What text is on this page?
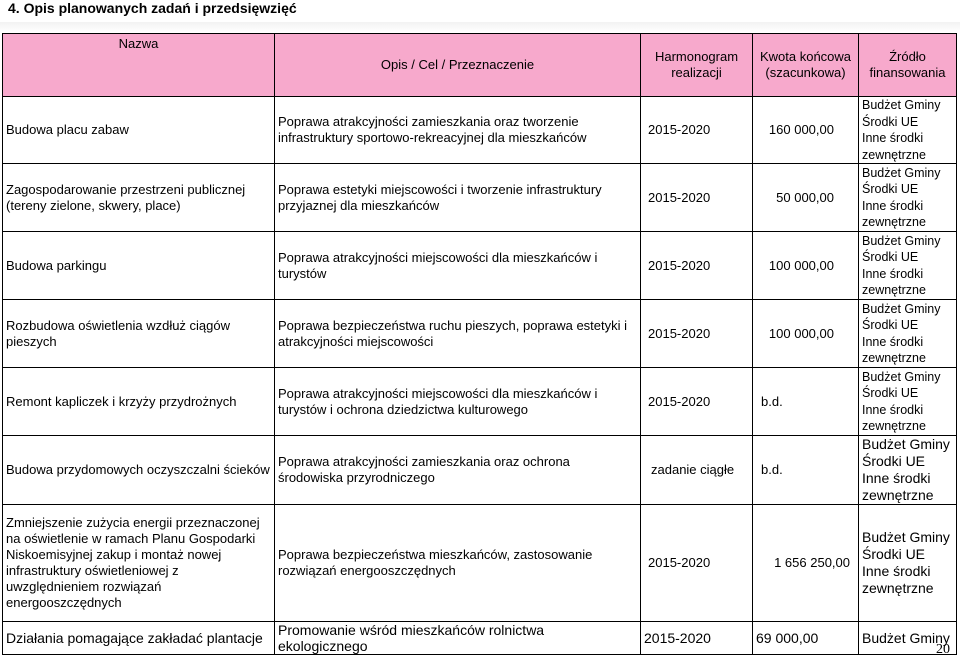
4. Opis planowanych zadań i przedsięwzięć
Nazwa	Opis / Cel / Przeznaczenie	Harmonogram realizacji	Kwota końcowa (szacunkowa)	Źródło finansowania
Budowa placu zabaw	Poprawa atrakcyjności zamieszkania oraz tworzenie infrastruktury sportowo-rekreacyjnej dla mieszkańców	2015-2020	160 000,00	Budżet Gminy
Środki UE
Inne środki
zewnętrzne

Zagospodarowanie przestrzeni publicznej (tereny zielone, skwery, place)	Poprawa estetyki miejscowości i tworzenie infrastruktury przyjaznej dla mieszkańców	2015-2020	50 000,00	Budżet Gminy
Środki UE
Inne środki
zewnętrzne

Budowa parkingu	Poprawa atrakcyjności miejscowości dla mieszkańców i turystów	2015-2020	100 000,00	Budżet Gminy
Środki UE
Inne środki
zewnętrzne

Rozbudowa oświetlenia wzdłuż ciągów pieszych	Poprawa bezpieczeństwa ruchu pieszych, poprawa estetyki i atrakcyjności miejscowości	2015-2020	100 000,00	Budżet Gminy
Środki UE
Inne środki
zewnętrzne

Remont kapliczek i krzyży przydrożnych	Poprawa atrakcyjności miejscowości dla mieszkańców i turystów i ochrona dziedzictwa kulturowego	2015-2020	b.d.	Budżet Gminy
Środki UE
Inne środki
zewnętrzne

Budowa przydomowych oczyszczalni ścieków	Poprawa atrakcyjności zamieszkania oraz ochrona środowiska przyrodniczego	zadanie ciągłe	b.d.	Budżet Gminy
Środki UE
Inne środki
zewnętrzne

Zmniejszenie zużycia energii przeznaczonej na oświetlenie w ramach Planu Gospodarki Niskoemisyjnej zakup i montaż nowej infrastruktury oświetleniowej z uwzględnieniem rozwiązań energooszczędnych	Poprawa bezpieczeństwa mieszkańców, zastosowanie rozwiązań energooszczędnych	2015-2020	1 656 250,00	Budżet Gminy
Środki UE
Inne środki
zewnętrzne

Działania pomagające zakładać plantacje	Promowanie wśród mieszkańców rolnictwa ekologicznego	2015-2020	69 000,00	Budżet Gminy
20
